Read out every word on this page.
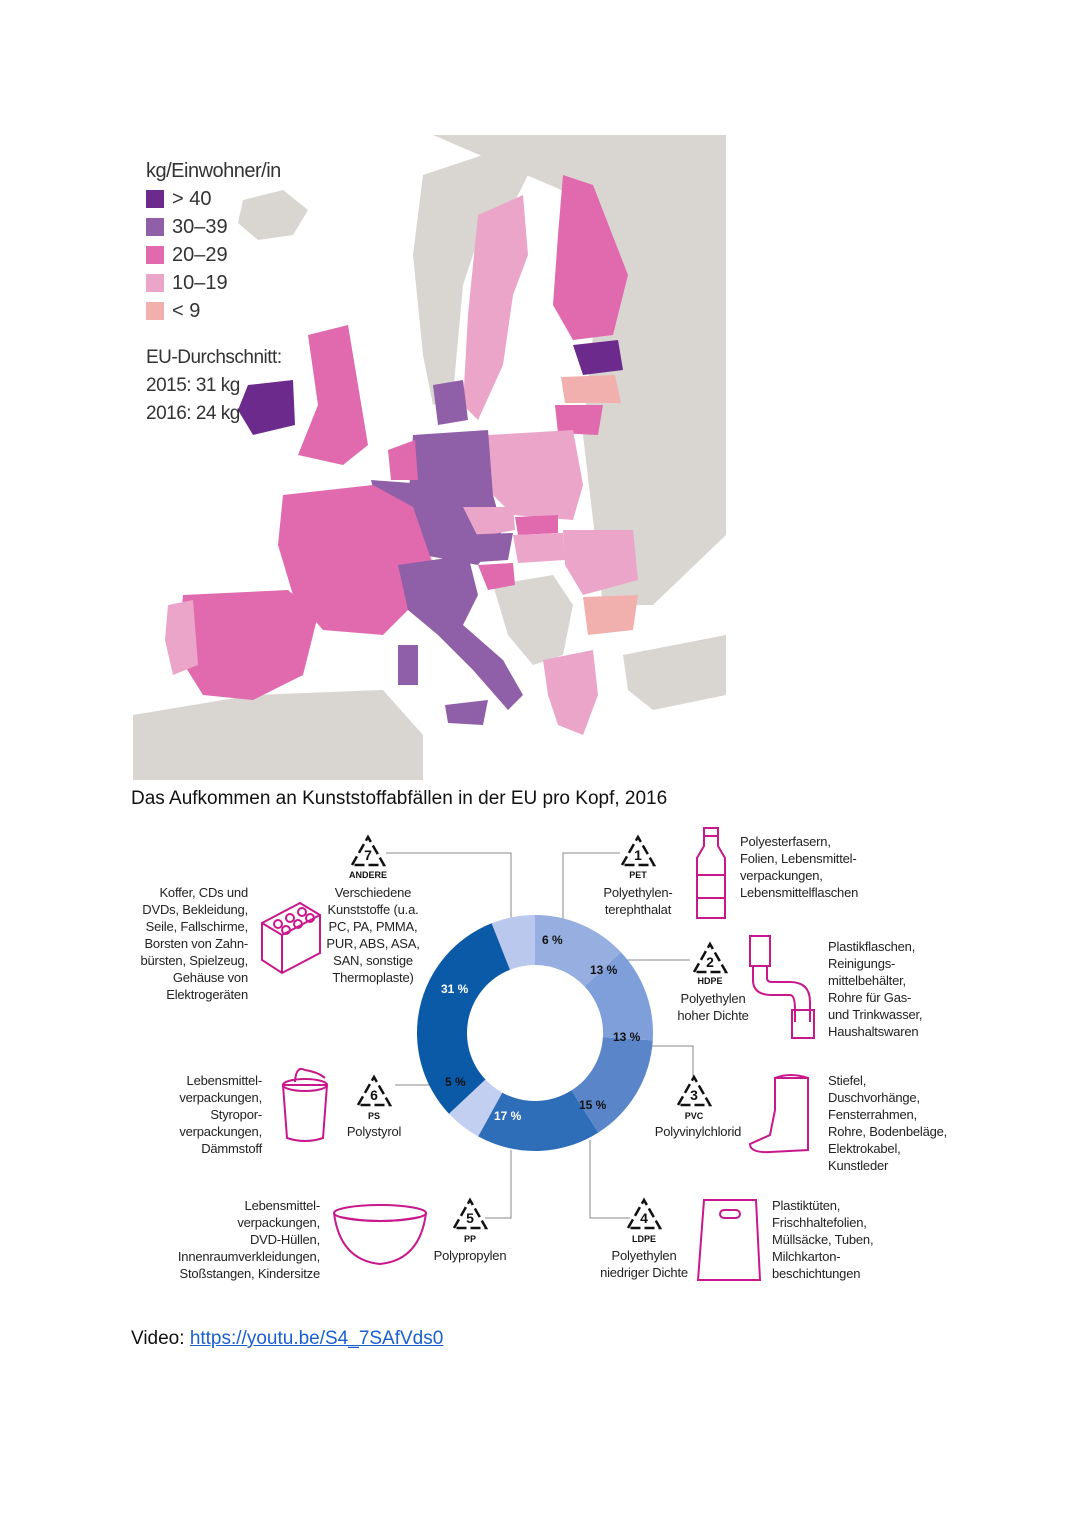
kg/Einwohner/in
> 40
30–39
20–29
10–19
< 9
EU-Durchschnitt:
2015: 31 kg
2016: 24 kg
Das Aufkommen an Kunststoffabfällen in der EU pro Kopf, 2016
7	1
2
6	3
5	4
6 %
13 %
13 %
15 %
17 %
5 %
31 %
Koffer, CDs und
DVDs, Bekleidung,
Seile, Fallschirme,
Borsten von Zahn-
bürsten, Spielzeug,
Gehäuse von
Elektrogeräten
ANDERE
Verschiedene
Kunststoffe (u.a.
PC, PA, PMMA,
PUR, ABS, ASA,
SAN, sonstige
Thermoplaste)
PET
Polyethylen-
terephthalat
Polyesterfasern,
Folien, Lebensmittel-
verpackungen,
Lebensmittelflaschen
HDPE
Polyethylen
hoher Dichte
Plastikflaschen,
Reinigungs-
mittelbehälter,
Rohre für Gas-
und Trinkwasser,
Haushaltswaren
Lebensmittel-
verpackungen,
Styropor-
verpackungen,
Dämmstoff
PS
Polystyrol
PVC
Polyvinylchlorid
Stiefel,
Duschvorhänge,
Fensterrahmen,
Rohre, Bodenbeläge,
Elektrokabel,
Kunstleder
Lebensmittel-
verpackungen,
DVD-Hüllen,
Innenraumverkleidungen,
Stoßstangen, Kindersitze
PP
Polypropylen
LDPE
Polyethylen
niedriger Dichte
Plastiktüten,
Frischhaltefolien,
Müllsäcke, Tuben,
Milchkarton-
beschichtungen
Video: https://youtu.be/S4_7SAfVds0
